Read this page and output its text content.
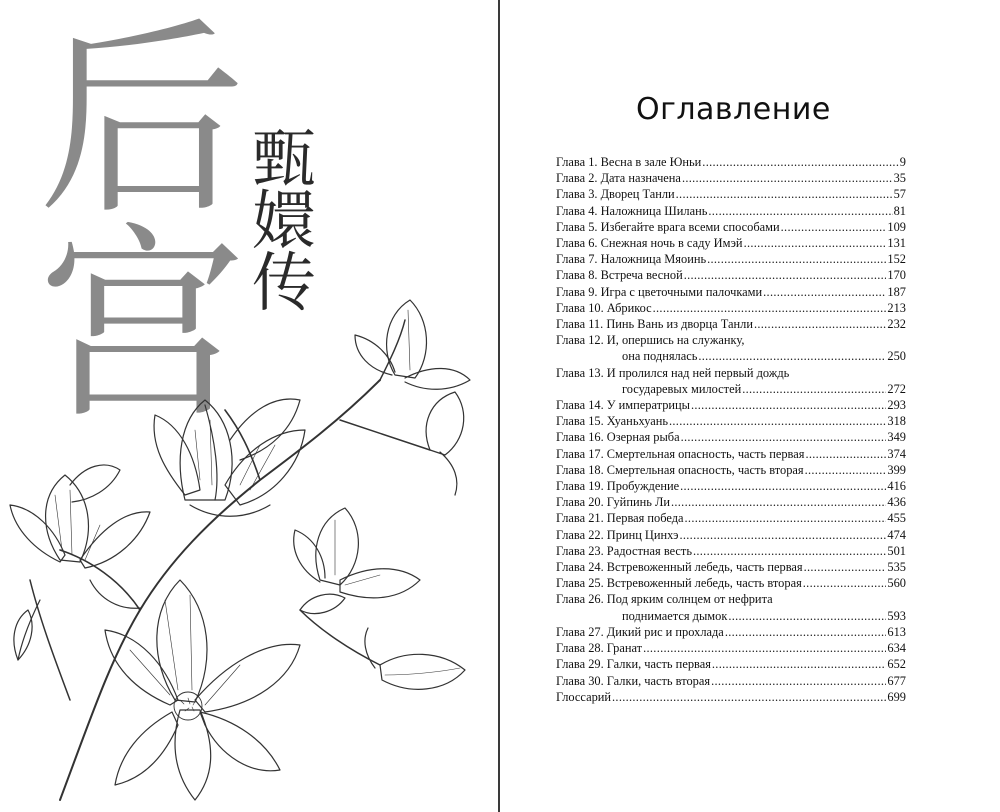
后
宫
甄
嬛
传
Оглавление
Глава 1.
Весна в зале Юньи . . .	9
Глава 2.
Дата назначена . . .	35
Глава 3.
Дворец Танли . . .	57
Глава 4.
Наложница Шилань . . .	81
Глава 5.
Избегайте врага всеми способами . . .	109
Глава 6.
Снежная ночь в саду Имэй . . .	131
Глава 7.
Наложница Мяоинь . . .	152
Глава 8.
Встреча весной . . .	170
Глава 9.
Игра с цветочными палочками . . .	187
Глава 10.
Абрикос . . .	213
Глава 11.
Пинь Вань из дворца Танли . . .	232
Глава 12.
И, опершись на служанку,
она поднялась . . .	250
Глава 13.
И пролился над ней первый дождь
государевых милостей . . .	272
Глава 14.
У императрицы . . .	293
Глава 15.
Хуаньхуань . . .	318
Глава 16.
Озерная рыба . . .	349
Глава 17.
Смертельная опасность, часть первая . . .	374
Глава 18.
Смертельная опасность, часть вторая . . .	399
Глава 19.
Пробуждение . . .	416
Глава 20.
Гуйпинь Ли . . .	436
Глава 21.
Первая победа . . .	455
Глава 22.
Принц Цинхэ . . .	474
Глава 23.
Радостная весть . . .	501
Глава 24.
Встревоженный лебедь, часть первая . . .	535
Глава 25.
Встревоженный лебедь, часть вторая . . .	560
Глава 26.
Под ярким солнцем от нефрита
поднимается дымок . . .	593
Глава 27.
Дикий рис и прохлада . . .	613
Глава 28.
Гранат . . .	634
Глава 29.
Галки, часть первая . . .	652
Глава 30.
Галки, часть вторая . . .	677
Глоссарий . . .	699
